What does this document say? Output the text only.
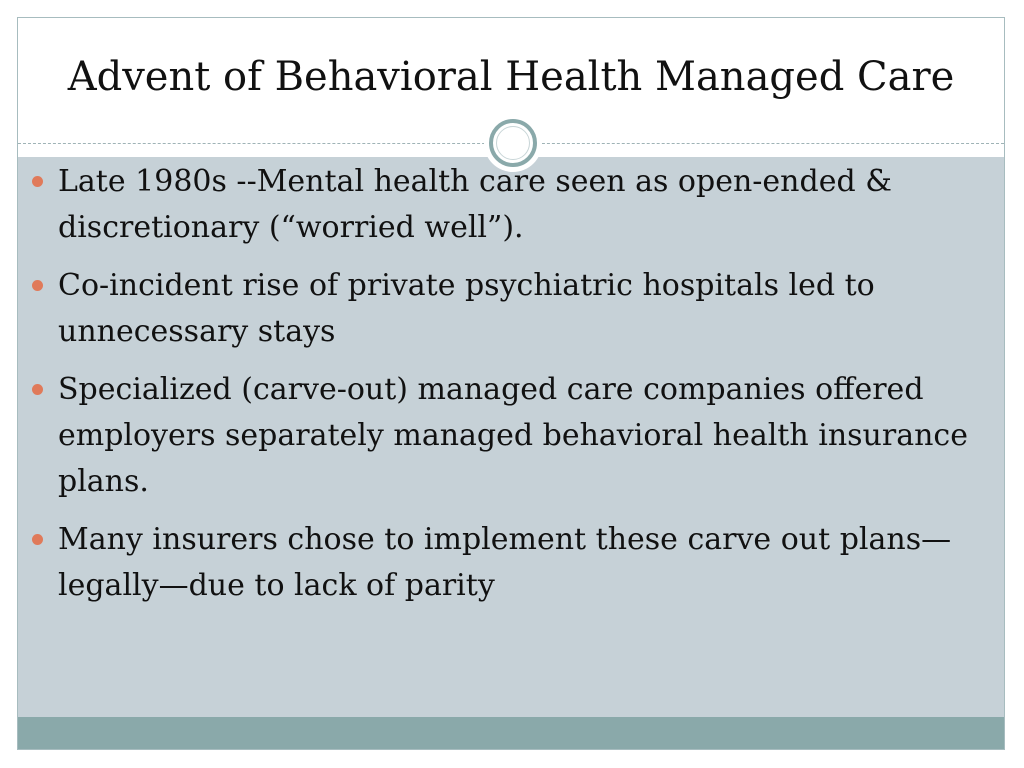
Advent of Behavioral Health Managed Care
Late 1980s --Mental health care seen as open-ended & discretionary (“worried well”).
Co-incident rise of private psychiatric hospitals led to unnecessary stays
Specialized (carve-out) managed care companies offered employers separately managed behavioral health insurance plans.
Many insurers chose to implement these carve out plans—legally—due to lack of parity
